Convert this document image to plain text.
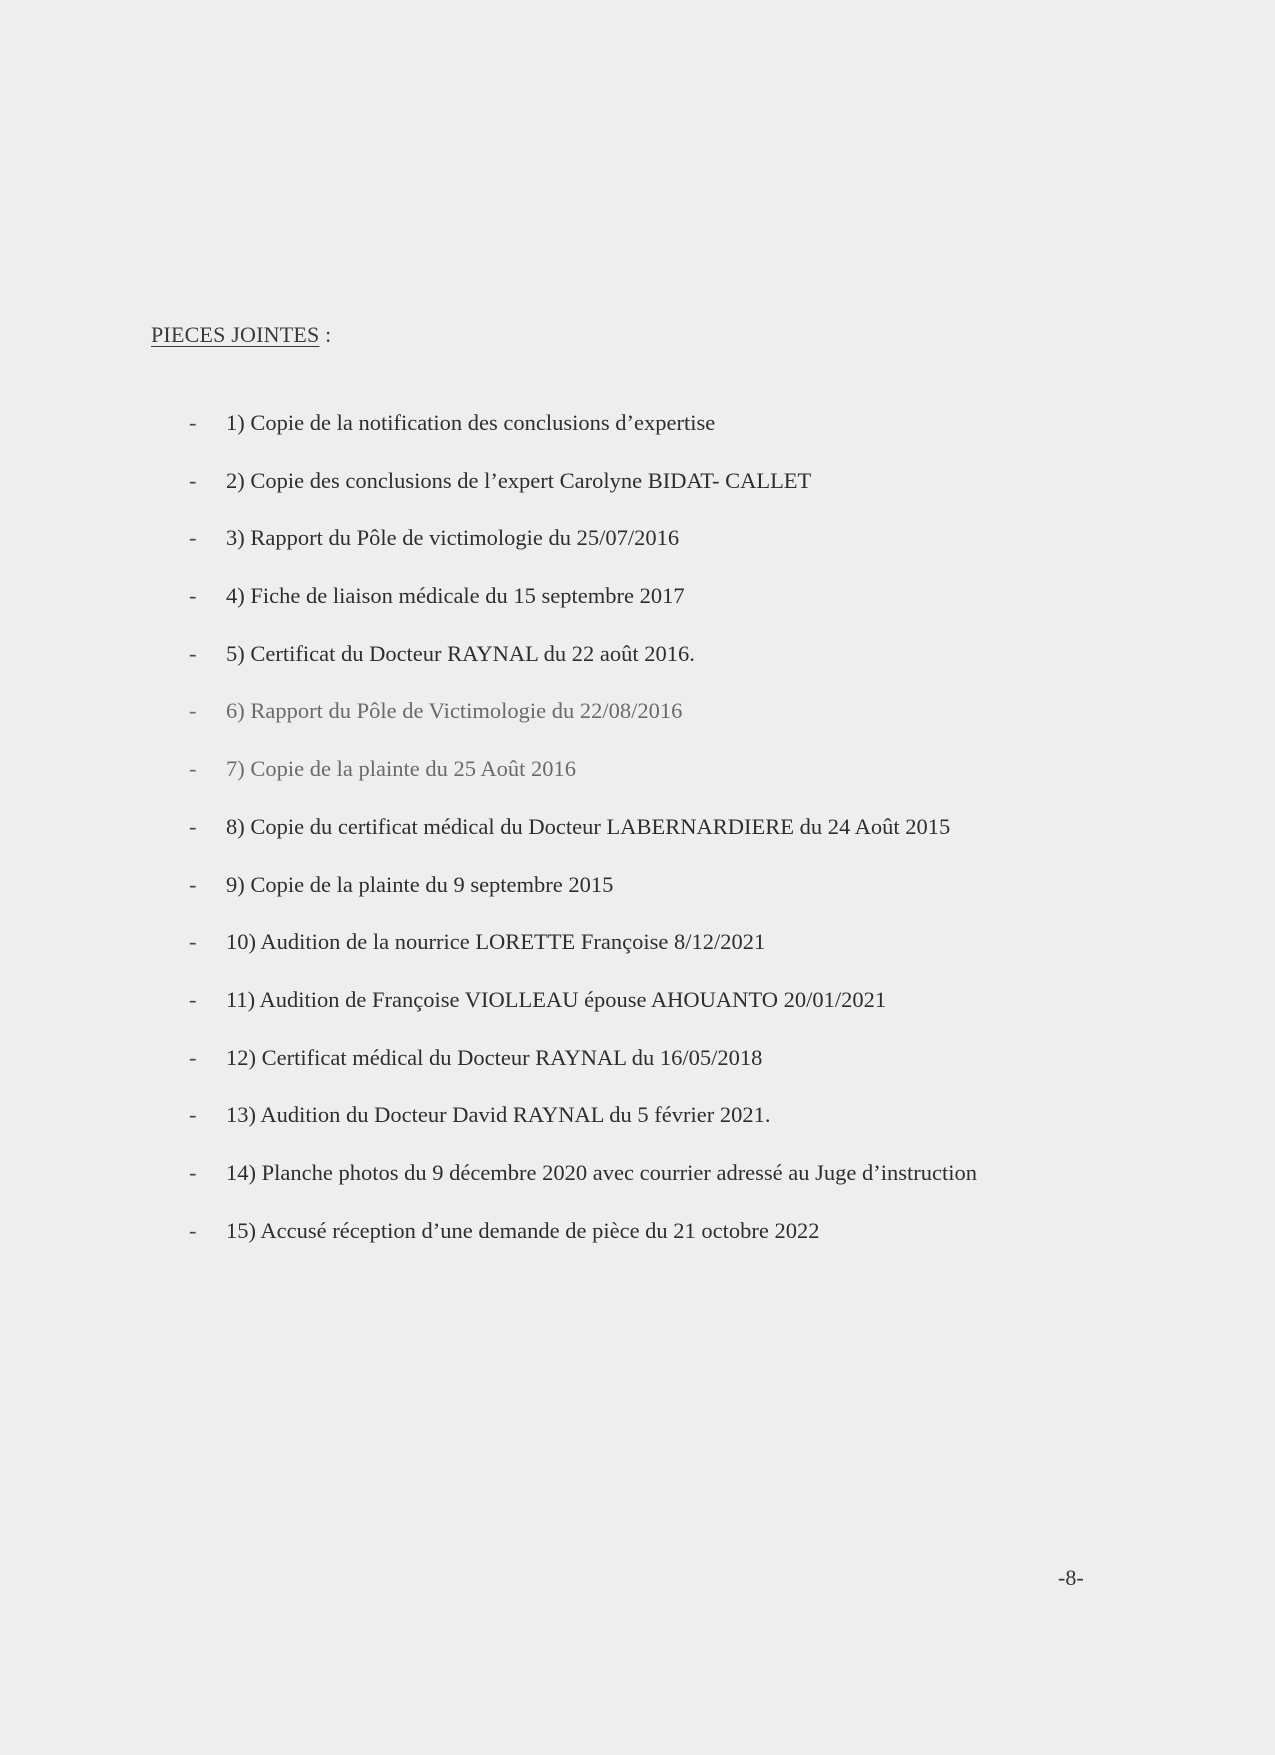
PIECES JOINTES :
- 1) Copie de la notification des conclusions d’expertise
- 2) Copie des conclusions de l’expert Carolyne BIDAT- CALLET
- 3) Rapport du Pôle de victimologie du 25/07/2016
- 4) Fiche de liaison médicale du 15 septembre 2017
- 5) Certificat du Docteur RAYNAL du 22 août 2016.
- 6) Rapport du Pôle de Victimologie du 22/08/2016
- 7) Copie de la plainte du 25 Août 2016
- 8) Copie du certificat médical du Docteur LABERNARDIERE du 24 Août 2015
- 9) Copie de la plainte du 9 septembre 2015
- 10) Audition de la nourrice LORETTE Françoise 8/12/2021
- 11) Audition de Françoise VIOLLEAU épouse AHOUANTO 20/01/2021
- 12) Certificat médical du Docteur RAYNAL du 16/05/2018
- 13) Audition du Docteur David RAYNAL du 5 février 2021.
- 14) Planche photos du 9 décembre 2020 avec courrier adressé au Juge d’instruction
- 15) Accusé réception d’une demande de pièce du 21 octobre 2022
-8-
